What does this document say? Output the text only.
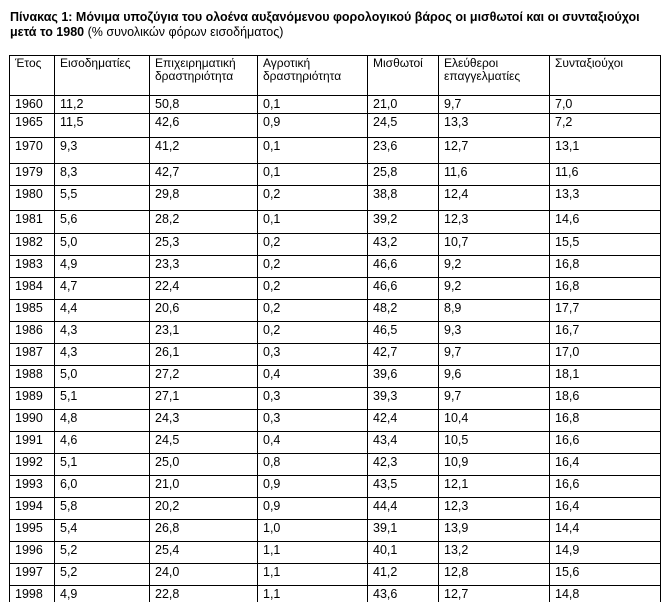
Πίνακας 1: Μόνιμα υποζύγια του ολοένα αυξανόμενου φορολογικού βάρος οι μισθωτοί και οι συνταξιούχοι μετά το 1980 (% συνολικών φόρων εισοδήματος)
Έτος	Εισοδηματίες	Επιχειρηματική δραστηριότητα	Αγροτική δραστηριότητα	Μισθωτοί	Ελεύθεροι επαγγελματίες	Συνταξιούχοι
1960	11,2	50,8	0,1	21,0	9,7	7,0
1965	11,5	42,6	0,9	24,5	13,3	7,2
1970	9,3	41,2	0,1	23,6	12,7	13,1
1979	8,3	42,7	0,1	25,8	11,6	11,6
1980	5,5	29,8	0,2	38,8	12,4	13,3
1981	5,6	28,2	0,1	39,2	12,3	14,6
1982	5,0	25,3	0,2	43,2	10,7	15,5
1983	4,9	23,3	0,2	46,6	9,2	16,8
1984	4,7	22,4	0,2	46,6	9,2	16,8
1985	4,4	20,6	0,2	48,2	8,9	17,7
1986	4,3	23,1	0,2	46,5	9,3	16,7
1987	4,3	26,1	0,3	42,7	9,7	17,0
1988	5,0	27,2	0,4	39,6	9,6	18,1
1989	5,1	27,1	0,3	39,3	9,7	18,6
1990	4,8	24,3	0,3	42,4	10,4	16,8
1991	4,6	24,5	0,4	43,4	10,5	16,6
1992	5,1	25,0	0,8	42,3	10,9	16,4
1993	6,0	21,0	0,9	43,5	12,1	16,6
1994	5,8	20,2	0,9	44,4	12,3	16,4
1995	5,4	26,8	1,0	39,1	13,9	14,4
1996	5,2	25,4	1,1	40,1	13,2	14,9
1997	5,2	24,0	1,1	41,2	12,8	15,6
1998	4,9	22,8	1,1	43,6	12,7	14,8
